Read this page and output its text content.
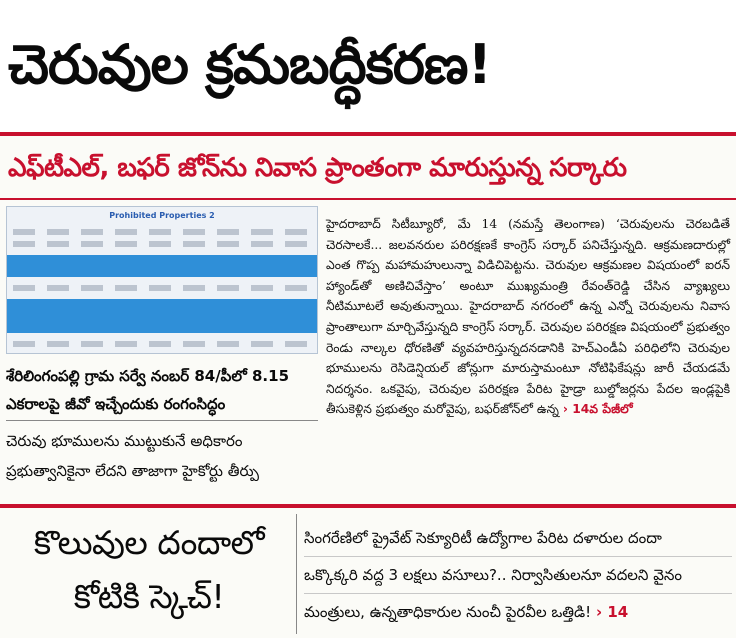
చెరువుల క్రమబద్ధీకరణ!
ఎఫ్‌టీఎల్‌, బఫర్‌ జోన్‌ను నివాస ప్రాంతంగా మారుస్తున్న సర్కారు
Prohibited Properties 2
శేరిలింగంపల్లి గ్రామ సర్వే నంబర్‌ 84/పీలో 8.15 ఎకరాలపై జీవో ఇచ్చేందుకు రంగంసిద్ధం
చెరువు భూములను ముట్టుకునే అధికారం ప్రభుత్వానికైనా లేదని తాజాగా హైకోర్టు తీర్పు
హైదరాబాద్‌ సిటీబ్యూరో, మే 14 (నమస్తే తెలంగాణ) ‘చెరువులను చెరబడితే చెరసాలకే... జలవనరుల పరిరక్షణకే కాంగ్రెస్‌ సర్కార్‌ పనిచేస్తున్నది. ఆక్రమణదారుల్లో ఎంత గొప్ప మహామహులున్నా విడిచిపెట్టను. చెరువుల ఆక్రమణల విషయంలో ఐరన్‌ హ్యాండ్‌తో అణిచివేస్తాం’ అంటూ ముఖ్యమంత్రి రేవంత్‌రెడ్డి చేసిన వ్యాఖ్యలు నీటిమూటలే అవుతున్నాయి. హైదరాబాద్‌ నగరంలో ఉన్న ఎన్నో చెరువులను నివాస ప్రాంతాలుగా మార్చివేస్తున్నది కాంగ్రెస్‌ సర్కార్‌. చెరువుల పరిరక్షణ విషయంలో ప్రభుత్వం రెండు నాల్కల ధోరణితో వ్యవహరిస్తున్నదనడానికి హెచ్‌ఎండీఏ పరిధిలోని చెరువుల భూములను రెసిడెన్షియల్‌ జోన్లుగా మారుస్తామంటూ నోటిఫికేషన్లు జారీ చేయడమే నిదర్శనం. ఒకవైపు, చెరువుల పరిరక్షణ పేరిట హైడ్రా బుల్డోజర్లను పేదల ఇండ్లపైకి తీసుకెళ్లిన ప్రభుత్వం మరోవైపు, బఫర్‌జోన్‌లో ఉన్న › 14వ పేజీలో
కొలువుల దందాలో
కోటికి స్కెచ్‌!
సింగరేణిలో ప్రైవేట్‌ సెక్యూరిటీ ఉద్యోగాల పేరిట దళారుల దందా
ఒక్కొక్కరి వద్ద 3 లక్షలు వసూలు?.. నిర్వాసితులనూ వదలని వైనం
మంత్రులు, ఉన్నతాధికారుల నుంచీ పైరవీల ఒత్తిడి! › 14
